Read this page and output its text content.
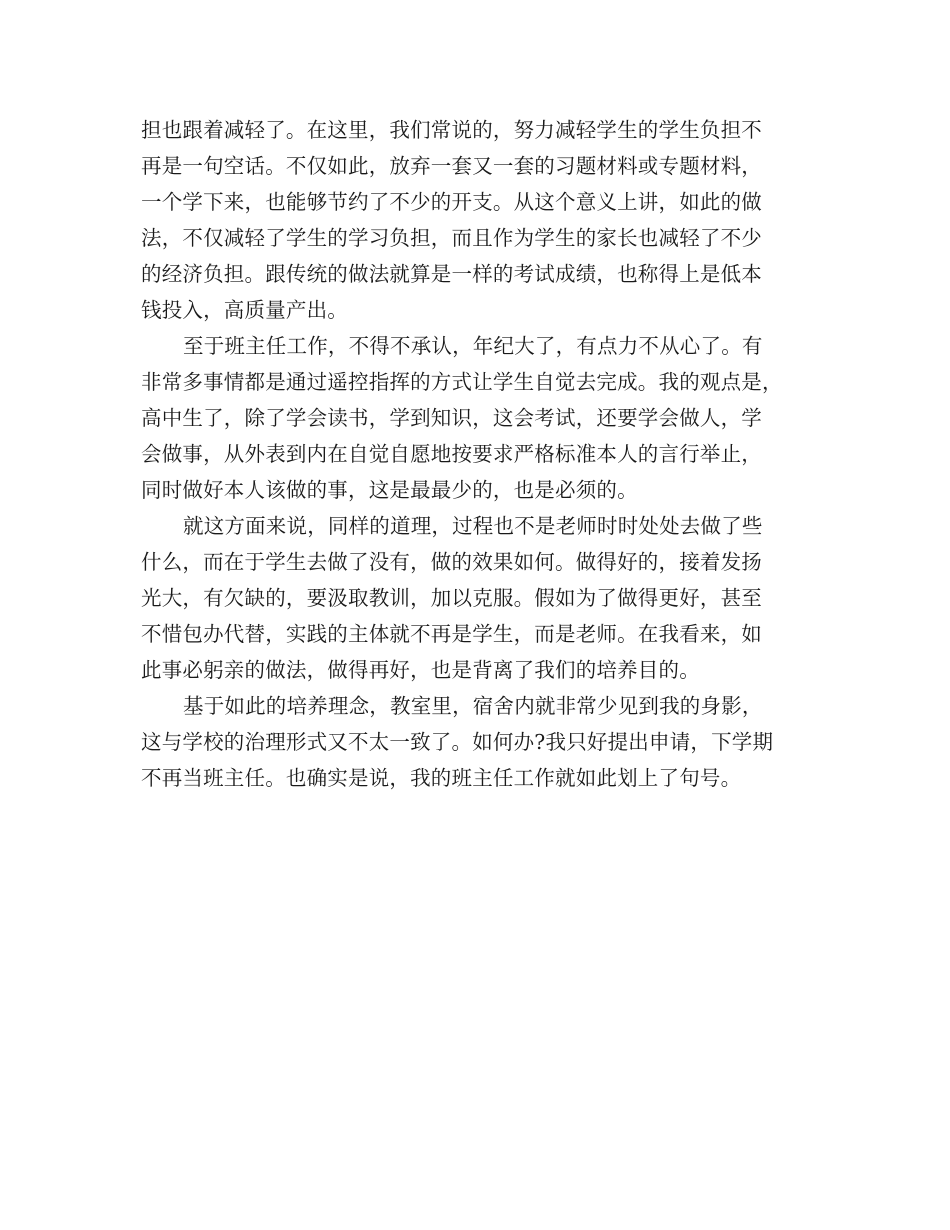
担也跟着减轻了。在这里，我们常说的，努力减轻学生的学生负担不
再是一句空话。不仅如此，放弃一套又一套的习题材料或专题材料，
一个学下来，也能够节约了不少的开支。从这个意义上讲，如此的做
法，不仅减轻了学生的学习负担，而且作为学生的家长也减轻了不少
的经济负担。跟传统的做法就算是一样的考试成绩，也称得上是低本
钱投入，高质量产出。
至于班主任工作，不得不承认，年纪大了，有点力不从心了。有
非常多事情都是通过遥控指挥的方式让学生自觉去完成。我的观点是，
高中生了，除了学会读书，学到知识，这会考试，还要学会做人，学
会做事，从外表到内在自觉自愿地按要求严格标准本人的言行举止，
同时做好本人该做的事，这是最最少的，也是必须的。
就这方面来说，同样的道理，过程也不是老师时时处处去做了些
什么，而在于学生去做了没有，做的效果如何。做得好的，接着发扬
光大，有欠缺的，要汲取教训，加以克服。假如为了做得更好，甚至
不惜包办代替，实践的主体就不再是学生，而是老师。在我看来，如
此事必躬亲的做法，做得再好，也是背离了我们的培养目的。
基于如此的培养理念，教室里，宿舍内就非常少见到我的身影，
这与学校的治理形式又不太一致了。如何办?我只好提出申请，下学期
不再当班主任。也确实是说，我的班主任工作就如此划上了句号。
